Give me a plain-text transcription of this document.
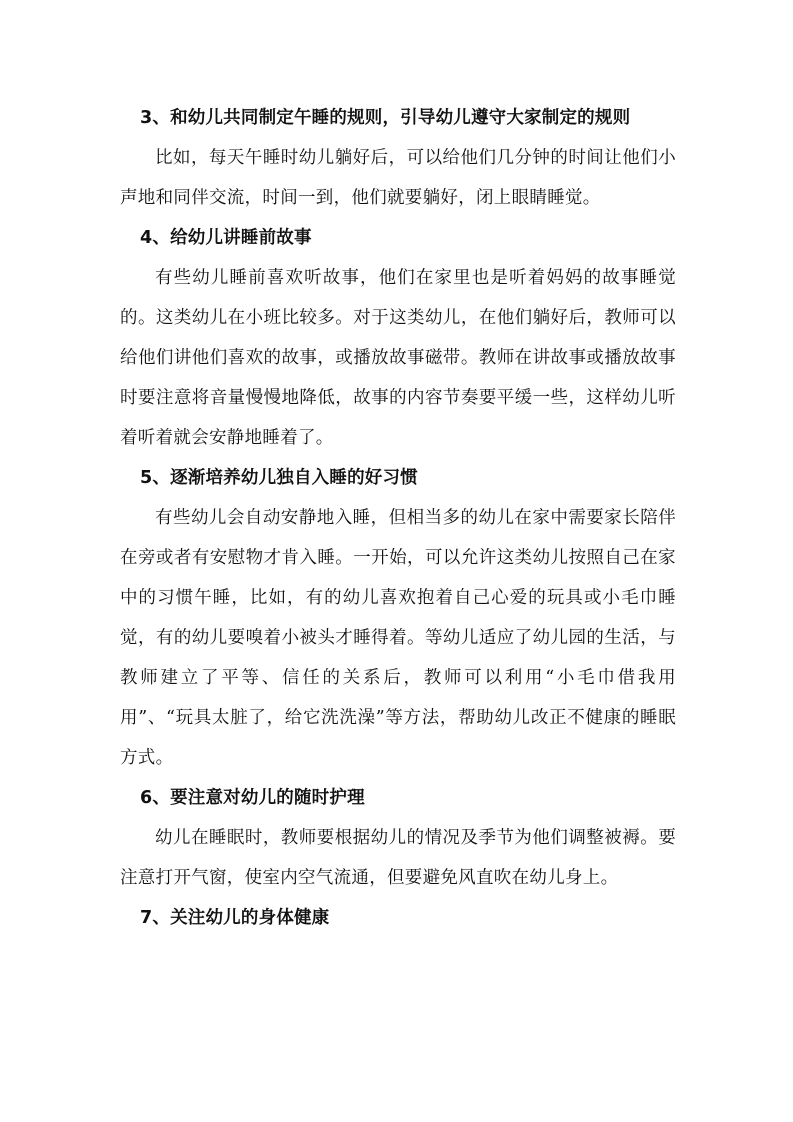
3、和幼儿共同制定午睡的规则，引导幼儿遵守大家制定的规则

比如，每天午睡时幼儿躺好后，可以给他们几分钟的时间让他们小声地和同伴交流，时间一到，他们就要躺好，闭上眼睛睡觉。

4、给幼儿讲睡前故事

有些幼儿睡前喜欢听故事，他们在家里也是听着妈妈的故事睡觉的。这类幼儿在小班比较多。对于这类幼儿，在他们躺好后，教师可以给他们讲他们喜欢的故事，或播放故事磁带。教师在讲故事或播放故事时要注意将音量慢慢地降低，故事的内容节奏要平缓一些，这样幼儿听着听着就会安静地睡着了。

5、逐渐培养幼儿独自入睡的好习惯

有些幼儿会自动安静地入睡，但相当多的幼儿在家中需要家长陪伴在旁或者有安慰物才肯入睡。一开始，可以允许这类幼儿按照自己在家中的习惯午睡，比如，有的幼儿喜欢抱着自己心爱的玩具或小毛巾睡觉，有的幼儿要嗅着小被头才睡得着。等幼儿适应了幼儿园的生活，与教师建立了平等、信任的关系后，教师可以利用“小毛巾借我用用”、“玩具太脏了，给它洗洗澡”等方法，帮助幼儿改正不健康的睡眠方式。

6、要注意对幼儿的随时护理

幼儿在睡眠时，教师要根据幼儿的情况及季节为他们调整被褥。要注意打开气窗，使室内空气流通，但要避免风直吹在幼儿身上。

7、关注幼儿的身体健康
